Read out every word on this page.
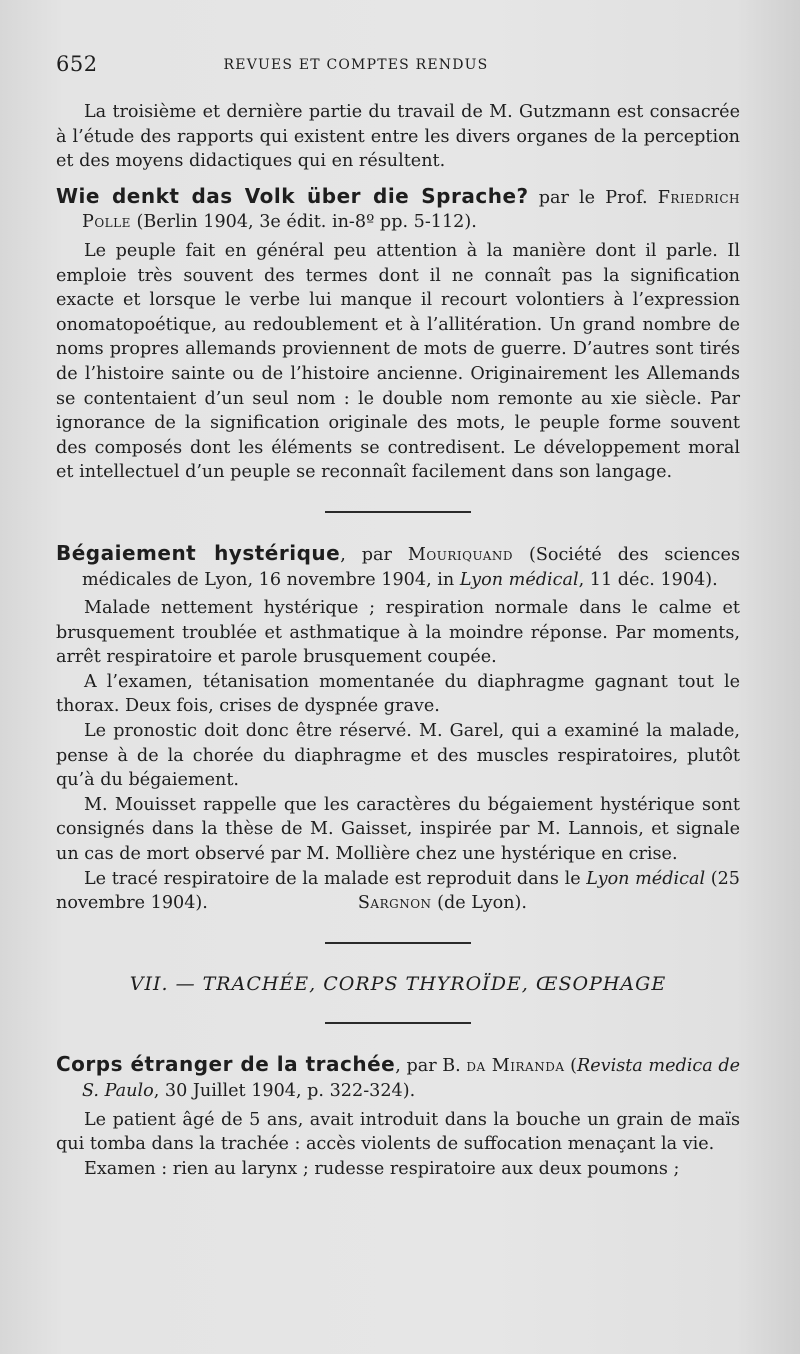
652	REVUES ET COMPTES RENDUS

La troisième et dernière partie du travail de M. Gutzmann est consacrée à l’étude des rapports qui existent entre les divers organes de la perception et des moyens didactiques qui en résultent.

Wie denkt das Volk über die Sprache? par le Prof. Friedrich Polle (Berlin 1904, 3e édit. in-8º pp. 5-112).

Le peuple fait en général peu attention à la manière dont il parle. Il emploie très souvent des termes dont il ne connaît pas la signification exacte et lorsque le verbe lui manque il recourt volontiers à l’expression onomatopoétique, au redoublement et à l’allitération. Un grand nombre de noms propres allemands proviennent de mots de guerre. D’autres sont tirés de l’histoire sainte ou de l’histoire ancienne. Originairement les Allemands se contentaient d’un seul nom : le double nom remonte au xie siècle. Par ignorance de la signification originale des mots, le peuple forme souvent des composés dont les éléments se contredisent. Le développement moral et intellectuel d’un peuple se reconnaît facilement dans son langage.

Bégaiement hystérique, par Mouriquand (Société des sciences médicales de Lyon, 16 novembre 1904, in Lyon médical, 11 déc. 1904).

Malade nettement hystérique ; respiration normale dans le calme et brusquement troublée et asthmatique à la moindre réponse. Par moments, arrêt respiratoire et parole brusquement coupée.

A l’examen, tétanisation momentanée du diaphragme gagnant tout le thorax. Deux fois, crises de dyspnée grave.

Le pronostic doit donc être réservé. M. Garel, qui a examiné la malade, pense à de la chorée du diaphragme et des muscles respiratoires, plutôt qu’à du bégaiement.

M. Mouisset rappelle que les caractères du bégaiement hystérique sont consignés dans la thèse de M. Gaisset, inspirée par M. Lannois, et signale un cas de mort observé par M. Mollière chez une hystérique en crise.

Le tracé respiratoire de la malade est reproduit dans le Lyon médical (25 novembre 1904).	Sargnon (de Lyon).

VII. — TRACHÉE, CORPS THYROÏDE, ŒSOPHAGE
Corps étranger de la trachée, par B. da Miranda (Revista medica de S. Paulo, 30 Juillet 1904, p. 322-324).

Le patient âgé de 5 ans, avait introduit dans la bouche un grain de maïs qui tomba dans la trachée : accès violents de suffocation menaçant la vie.

Examen : rien au larynx ; rudesse respiratoire aux deux poumons ;
